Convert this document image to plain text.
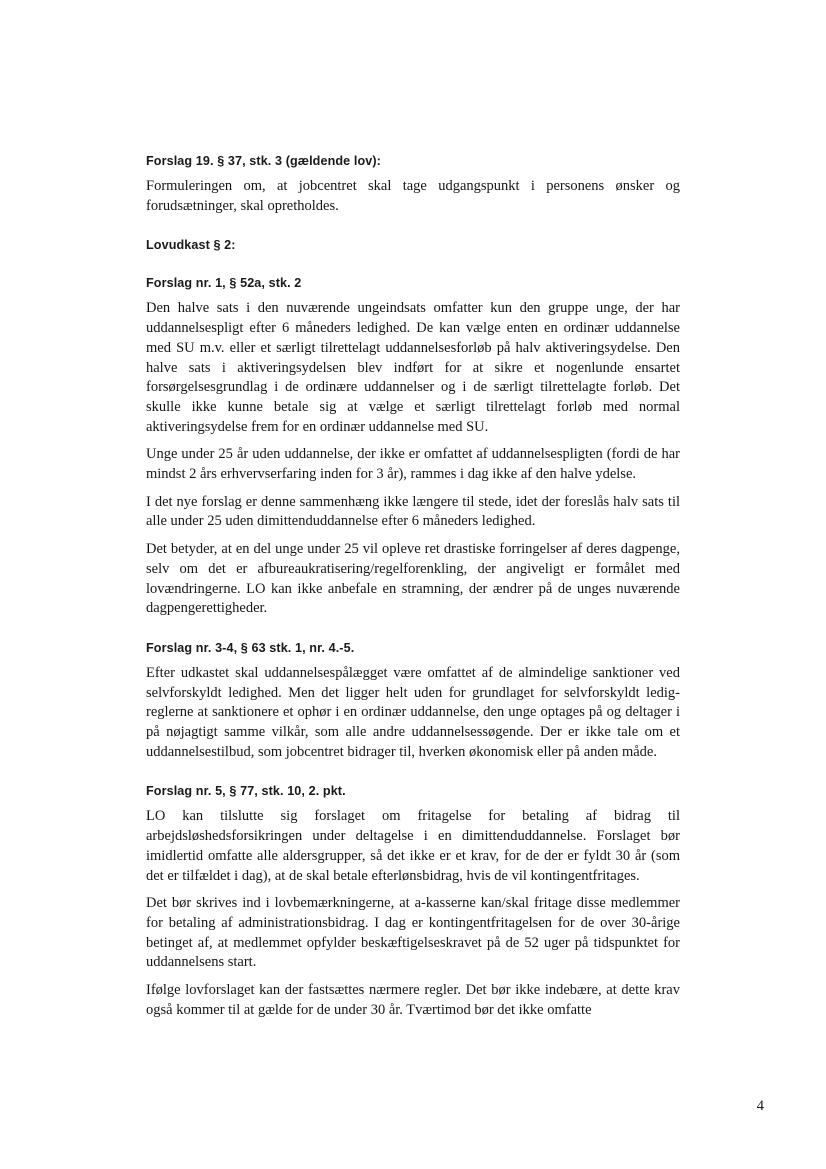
Forslag 19. § 37, stk. 3 (gældende lov):

Formuleringen om, at jobcentret skal tage udgangspunkt i personens ønsker og forudsætninger, skal opretholdes.

Lovudkast § 2:

Forslag nr. 1, § 52a, stk. 2

Den halve sats i den nuværende ungeindsats omfatter kun den gruppe unge, der har uddannelsespligt efter 6 måneders ledighed. De kan vælge enten en ordinær uddannelse med SU m.v. eller et særligt tilrettelagt uddannelsesforløb på halv aktiveringsydelse. Den halve sats i aktiveringsydelsen blev indført for at sikre et nogenlunde ensartet forsørgelsesgrundlag i de ordinære uddannelser og i de særligt tilrettelagte forløb. Det skulle ikke kunne betale sig at vælge et særligt tilrettelagt forløb med normal aktiveringsydelse frem for en ordinær uddannelse med SU.

Unge under 25 år uden uddannelse, der ikke er omfattet af uddannelsespligten (fordi de har mindst 2 års erhvervserfaring inden for 3 år), rammes i dag ikke af den halve ydelse.

I det nye forslag er denne sammenhæng ikke længere til stede, idet der foreslås halv sats til alle under 25 uden dimittenduddannelse efter 6 måneders ledighed.

Det betyder, at en del unge under 25 vil opleve ret drastiske forringelser af deres dagpenge, selv om det er afbureaukratisering/regelforenkling, der angiveligt er formålet med lovændringerne. LO kan ikke anbefale en stramning, der ændrer på de unges nuværende dagpengerettigheder.

Forslag nr. 3-4, § 63 stk. 1, nr. 4.-5.

Efter udkastet skal uddannelsespålægget være omfattet af de almindelige sanktioner ved selvforskyldt ledighed. Men det ligger helt uden for grundlaget for selvforskyldt ledig-reglerne at sanktionere et ophør i en ordinær uddannelse, den unge optages på og deltager i på nøjagtigt samme vilkår, som alle andre uddannelsessøgende. Der er ikke tale om et uddannelsestilbud, som jobcentret bidrager til, hverken økonomisk eller på anden måde.

Forslag nr. 5, § 77, stk. 10, 2. pkt.

LO kan tilslutte sig forslaget om fritagelse for betaling af bidrag til arbejdsløshedsforsikringen under deltagelse i en dimittenduddannelse. Forslaget bør imidlertid omfatte alle aldersgrupper, så det ikke er et krav, for de der er fyldt 30 år (som det er tilfældet i dag), at de skal betale efterlønsbidrag, hvis de vil kontingentfritages.

Det bør skrives ind i lovbemærkningerne, at a-kasserne kan/skal fritage disse medlemmer for betaling af administrationsbidrag. I dag er kontingentfritagelsen for de over 30-årige betinget af, at medlemmet opfylder beskæftigelseskravet på de 52 uger på tidspunktet for uddannelsens start.

Ifølge lovforslaget kan der fastsættes nærmere regler. Det bør ikke indebære, at dette krav også kommer til at gælde for de under 30 år. Tværtimod bør det ikke omfatte

4
